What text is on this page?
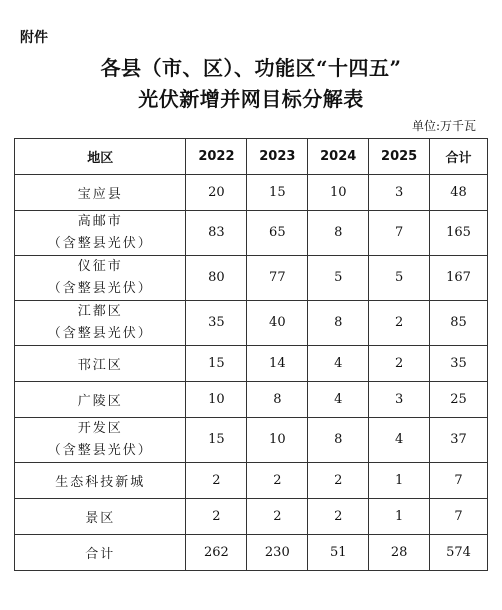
附件
各县（市、区）、功能区“十四五”
光伏新增并网目标分解表
单位:万千瓦
地区	2022	2023	2024	2025	合计

宝应县	20	15	10	3	48

高邮市
（含整县光伏）	83	65	8	7	165

仪征市
（含整县光伏）	80	77	5	5	167

江都区
（含整县光伏）	35	40	8	2	85

邗江区	15	14	4	2	35

广陵区	10	8	4	3	25

开发区
（含整县光伏）	15	10	8	4	37

生态科技新城	2	2	2	1	7

景区	2	2	2	1	7

合计	262	230	51	28	574
